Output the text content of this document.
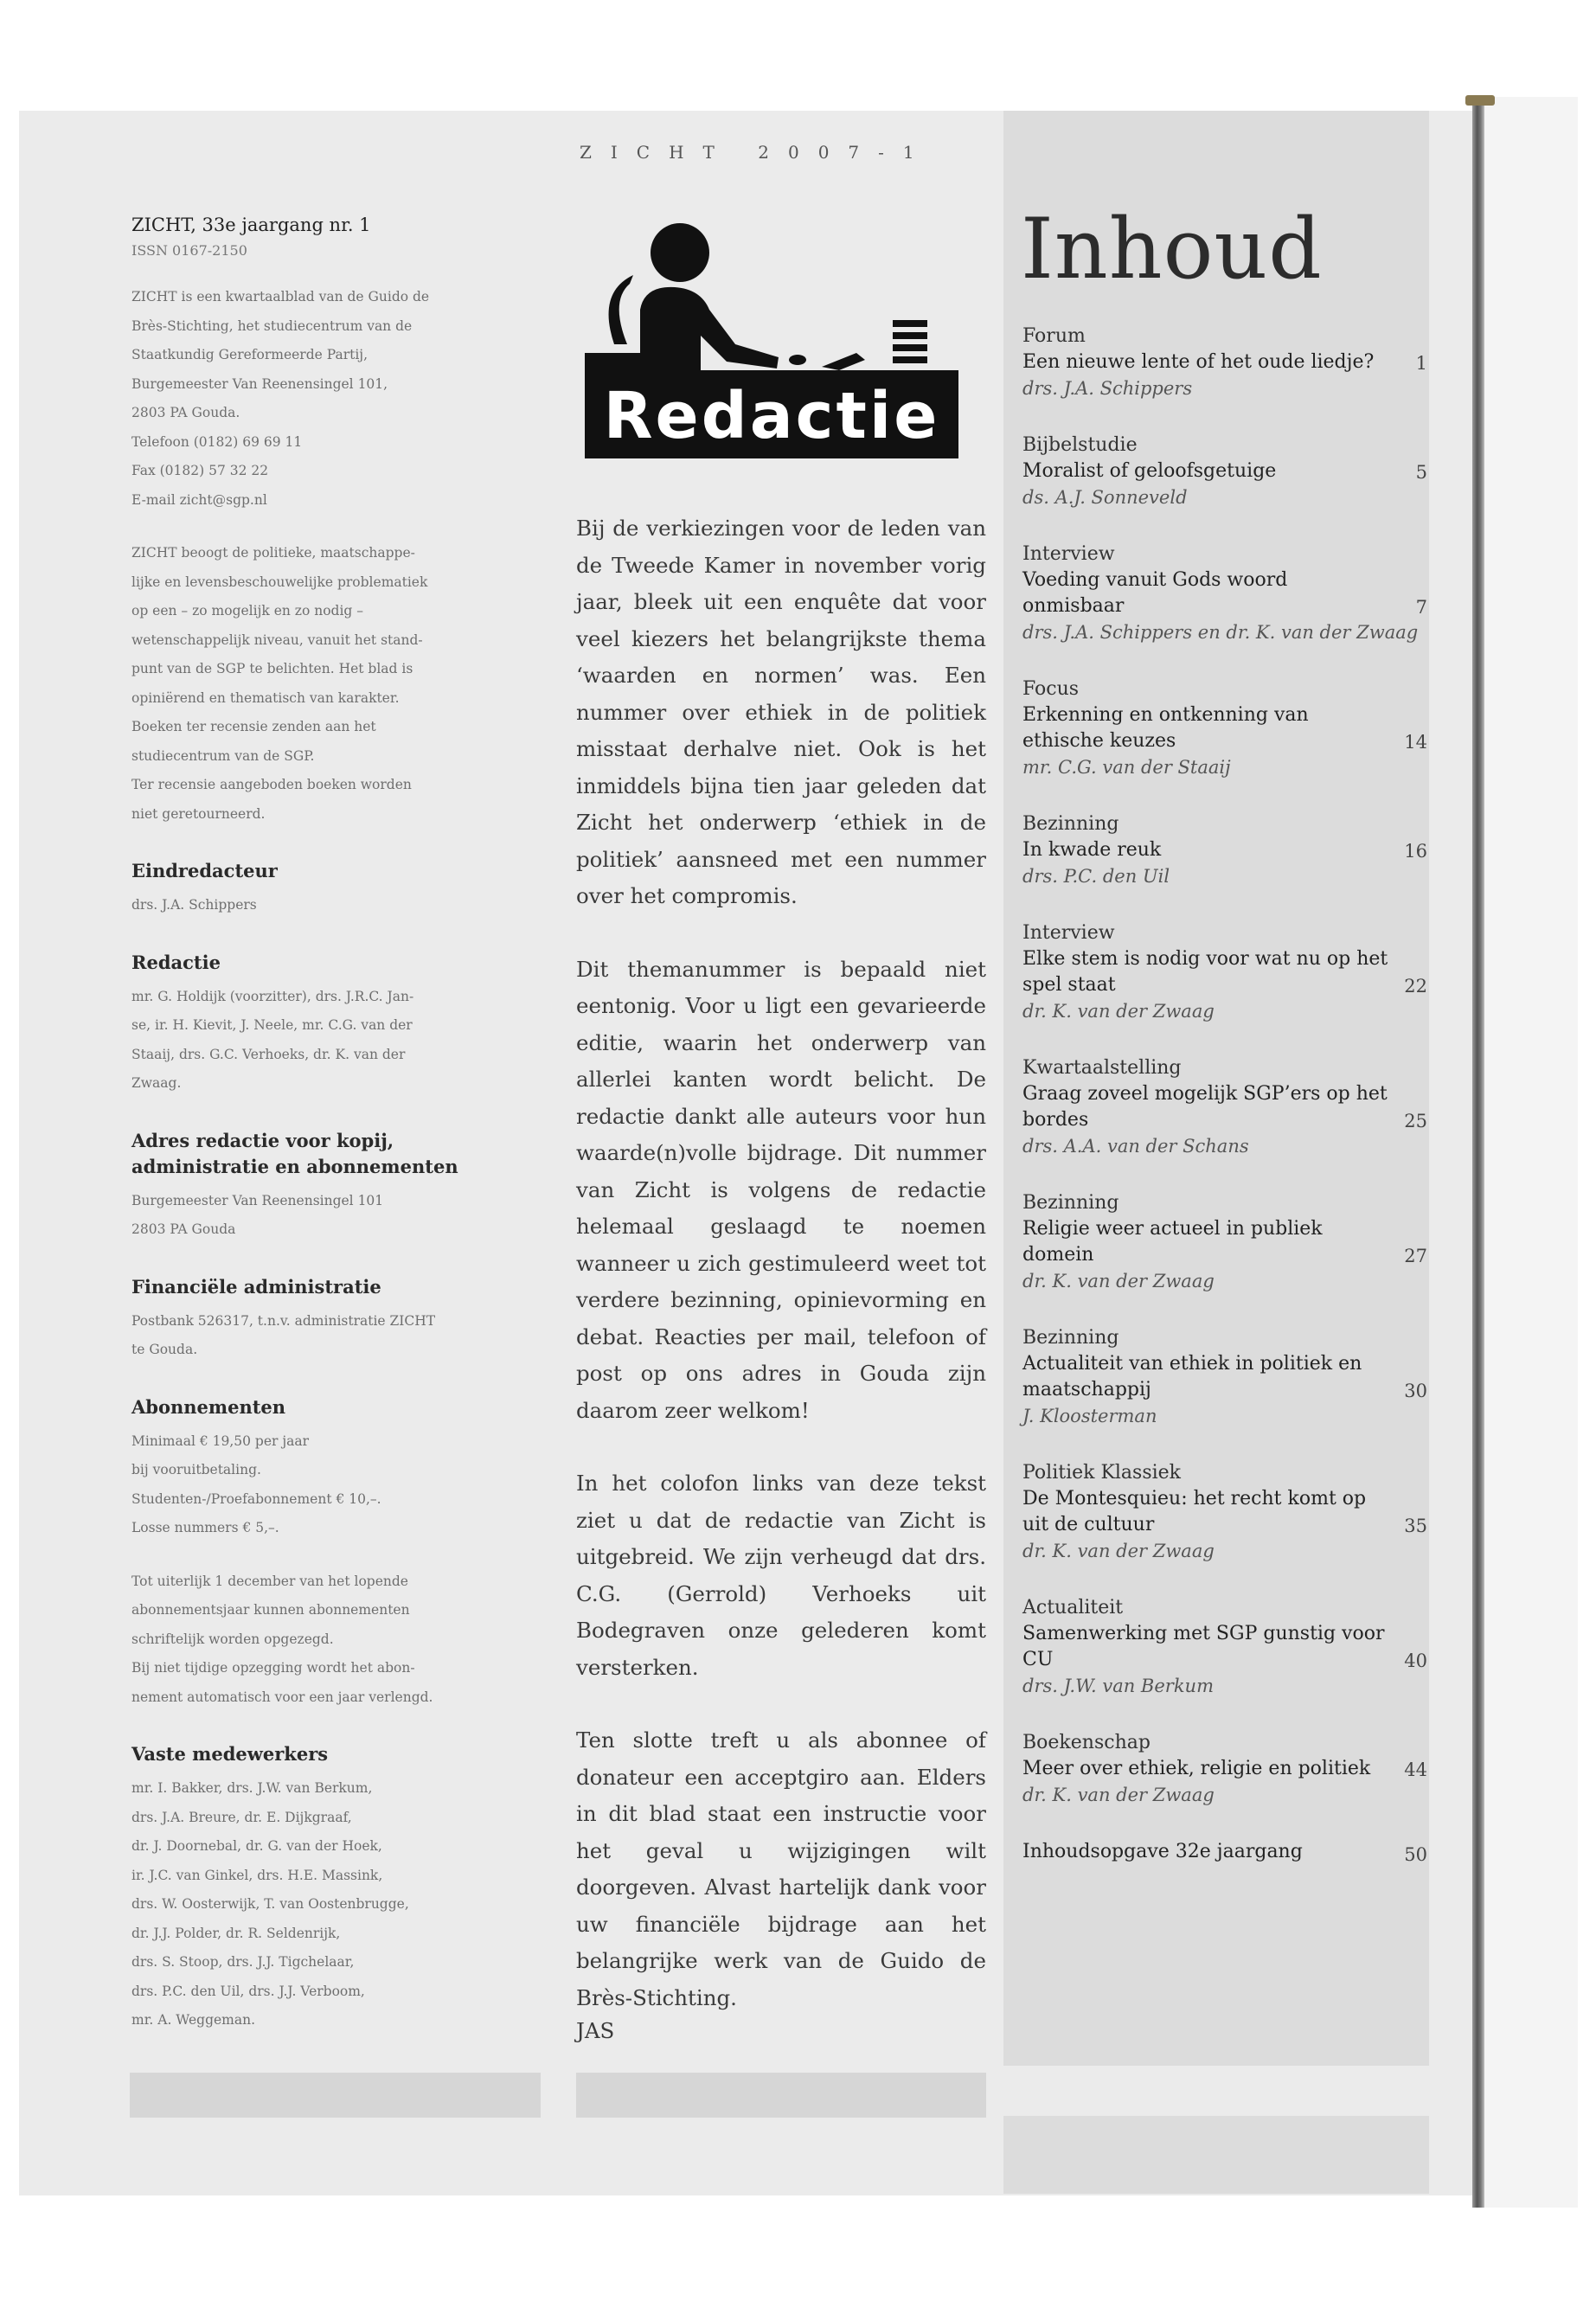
ZICHT 2007-1

ZICHT, 33e jaargang nr. 1

ISSN 0167-2150

ZICHT is een kwartaalblad van de Guido de

Brès-Stichting, het studiecentrum van de

Staatkundig Gereformeerde Partij,

Burgemeester Van Reenensingel 101,

2803 PA Gouda.

Telefoon (0182) 69 69 11

Fax (0182) 57 32 22

E-mail zicht@sgp.nl

ZICHT beoogt de politieke, maatschappe-

lijke en levensbeschouwelijke problematiek

op een – zo mogelijk en zo nodig –

wetenschappelijk niveau, vanuit het stand-

punt van de SGP te belichten. Het blad is

opiniërend en thematisch van karakter.

Boeken ter recensie zenden aan het

studiecentrum van de SGP.

Ter recensie aangeboden boeken worden

niet geretourneerd.

Eindredacteur

drs. J.A. Schippers

Redactie

mr. G. Holdijk (voorzitter), drs. J.R.C. Jan-

se, ir. H. Kievit, J. Neele, mr. C.G. van der

Staaij, drs. G.C. Verhoeks, dr. K. van der

Zwaag.

Adres redactie voor kopij, administratie en abonnementen

Burgemeester Van Reenensingel 101

2803 PA Gouda

Financiële administratie

Postbank 526317, t.n.v. administratie ZICHT

te Gouda.

Abonnementen

Minimaal € 19,50 per jaar

bij vooruitbetaling.

Studenten-/Proefabonnement € 10,–.

Losse nummers € 5,–.

Tot uiterlijk 1 december van het lopende

abonnementsjaar kunnen abonnementen

schriftelijk worden opgezegd.

Bij niet tijdige opzegging wordt het abon-

nement automatisch voor een jaar verlengd.

Vaste medewerkers

mr. I. Bakker, drs. J.W. van Berkum,

drs. J.A. Breure, dr. E. Dijkgraaf,

dr. J. Doornebal, dr. G. van der Hoek,

ir. J.C. van Ginkel, drs. H.E. Massink,

drs. W. Oosterwijk, T. van Oostenbrugge,

dr. J.J. Polder, dr. R. Seldenrijk,

drs. S. Stoop, drs. J.J. Tigchelaar,

drs. P.C. den Uil, drs. J.J. Verboom,

mr. A. Weggeman.

Redactie

Bij de verkiezingen voor de leden van de Tweede Kamer in november vorig jaar, bleek uit een enquête dat voor veel kiezers het belangrijkste thema ‘waarden en normen’ was. Een nummer over ethiek in de politiek misstaat derhalve niet. Ook is het inmiddels bijna tien jaar geleden dat Zicht het onderwerp ‘ethiek in de politiek’ aansneed met een nummer over het compromis.

Dit themanummer is bepaald niet eentonig. Voor u ligt een gevarieerde editie, waarin het onderwerp van allerlei kanten wordt belicht. De redactie dankt alle auteurs voor hun waarde(n)volle bijdrage. Dit nummer van Zicht is volgens de redactie helemaal geslaagd te noemen wanneer u zich gestimuleerd weet tot verdere bezinning, opinievorming en debat. Reacties per mail, telefoon of post op ons adres in Gouda zijn daarom zeer welkom!

In het colofon links van deze tekst ziet u dat de redactie van Zicht is uitgebreid. We zijn verheugd dat drs. C.G. (Gerrold) Verhoeks uit Bodegraven onze gelederen komt versterken.

Ten slotte treft u als abonnee of donateur een acceptgiro aan. Elders in dit blad staat een instructie voor het geval u wijzigingen wilt doorgeven. Alvast hartelijk dank voor uw financiële bijdrage aan het belangrijke werk van de Guido de Brès-Stichting.

JAS
Inhoud
Forum
Een nieuwe lente of het oude liedje?
drs. J.A. Schippers
1
Bijbelstudie
Moralist of geloofsgetuige
ds. A.J. Sonneveld
5
Interview
Voeding vanuit Gods woord onmisbaar
drs. J.A. Schippers en dr. K. van der Zwaag
7
Focus
Erkenning en ontkenning van ethische keuzes
mr. C.G. van der Staaij
14
Bezinning
In kwade reuk
drs. P.C. den Uil
16
Interview
Elke stem is nodig voor wat nu op het spel staat
dr. K. van der Zwaag
22
Kwartaalstelling
Graag zoveel mogelijk SGP’ers op het bordes
drs. A.A. van der Schans
25
Bezinning
Religie weer actueel in publiek domein
dr. K. van der Zwaag
27
Bezinning
Actualiteit van ethiek in politiek en maatschappij
J. Kloosterman
30
Politiek Klassiek
De Montesquieu: het recht komt op uit de cultuur
dr. K. van der Zwaag
35
Actualiteit
Samenwerking met SGP gunstig voor CU
drs. J.W. van Berkum
40
Boekenschap
Meer over ethiek, religie en politiek
dr. K. van der Zwaag
44
Inhoudsopgave 32e jaargang	50
